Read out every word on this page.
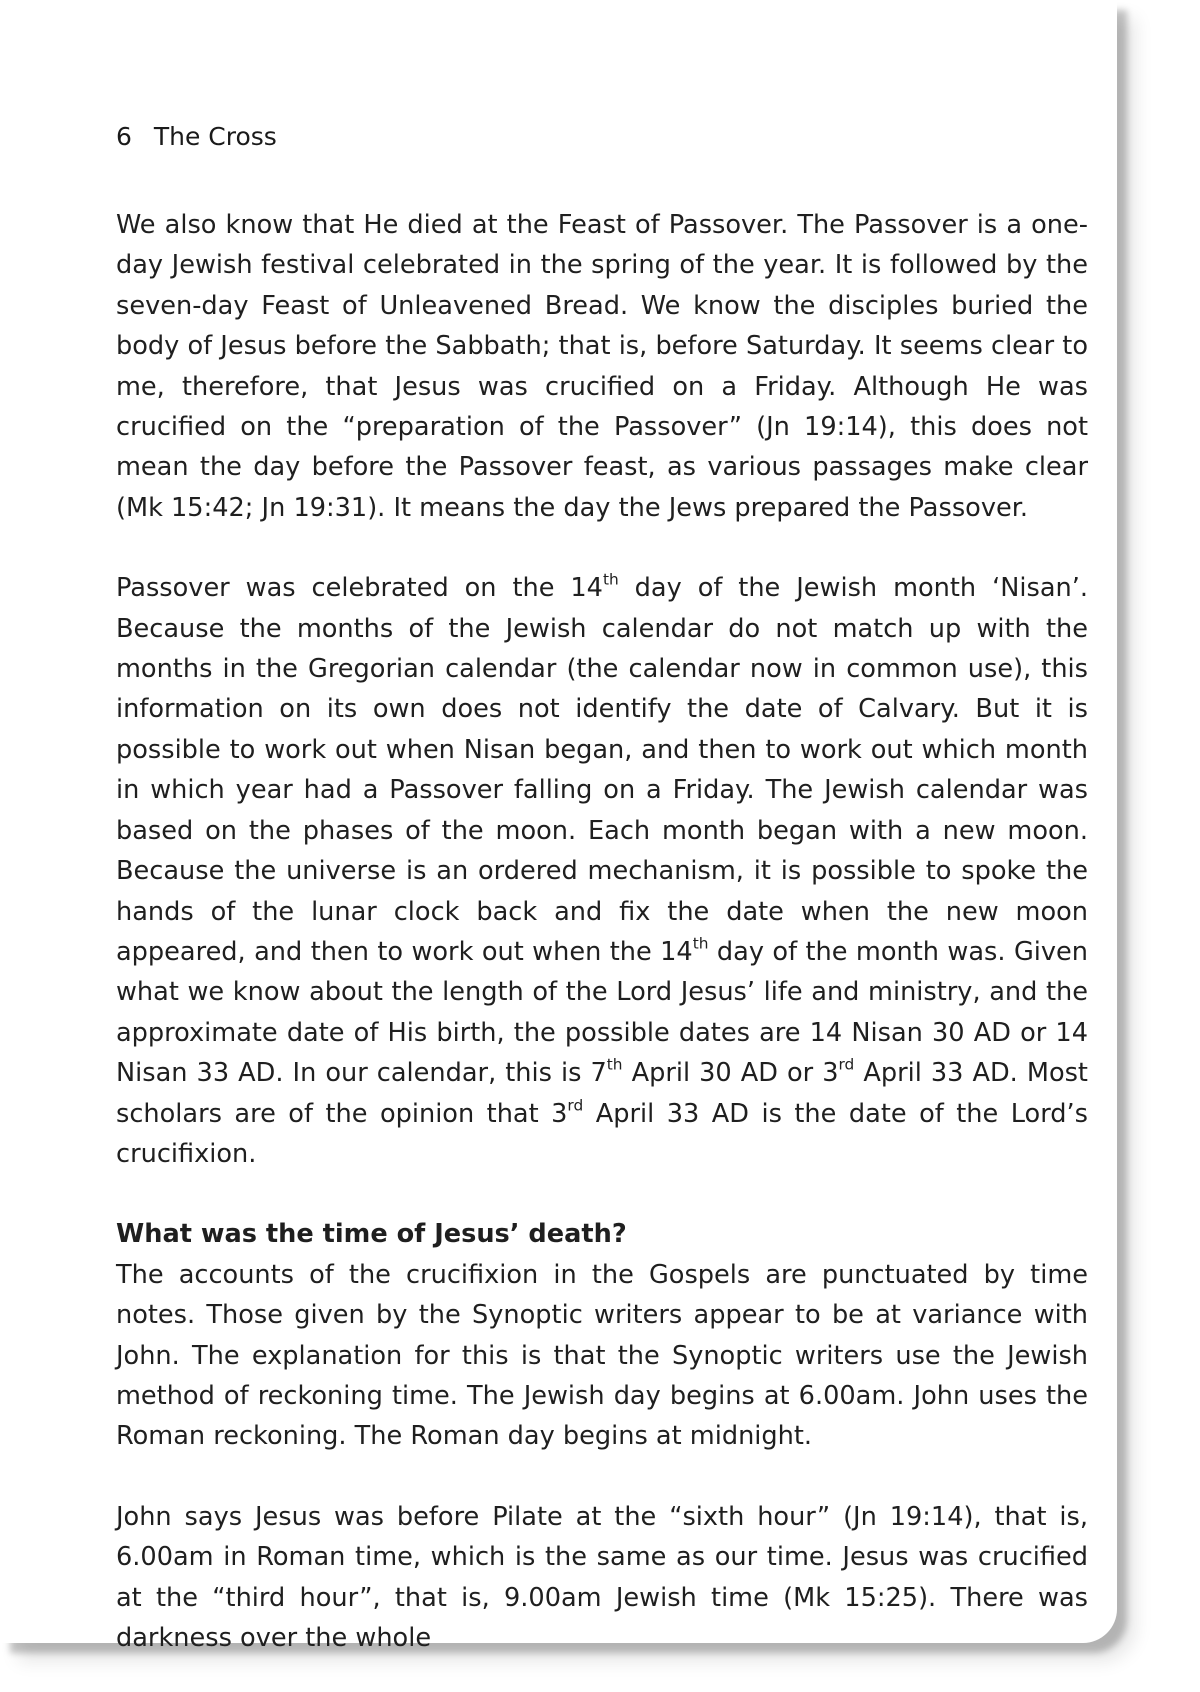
6 The Cross

We also know that He died at the Feast of Passover. The Passover is a one-day Jewish festival celebrated in the spring of the year. It is followed by the seven-day Feast of Unleavened Bread. We know the disciples buried the body of Jesus before the Sabbath; that is, before Saturday. It seems clear to me, therefore, that Jesus was crucified on a Friday. Although He was crucified on the “preparation of the Passover” (Jn 19:14), this does not mean the day before the Passover feast, as various passages make clear (Mk 15:42; Jn 19:31). It means the day the Jews prepared the Passover.

Passover was celebrated on the 14th day of the Jewish month ‘Nisan’. Because the months of the Jewish calendar do not match up with the months in the Gregorian calendar (the calendar now in common use), this information on its own does not identify the date of Calvary. But it is possible to work out when Nisan began, and then to work out which month in which year had a Passover falling on a Friday. The Jewish calendar was based on the phases of the moon. Each month began with a new moon. Because the universe is an ordered mechanism, it is possible to spoke the hands of the lunar clock back and fix the date when the new moon appeared, and then to work out when the 14th day of the month was. Given what we know about the length of the Lord Jesus’ life and ministry, and the approximate date of His birth, the possible dates are 14 Nisan 30 AD or 14 Nisan 33 AD. In our calendar, this is 7th April 30 AD or 3rd April 33 AD. Most scholars are of the opinion that 3rd April 33 AD is the date of the Lord’s crucifixion.

What was the time of Jesus’ death?

The accounts of the crucifixion in the Gospels are punctuated by time notes. Those given by the Synoptic writers appear to be at variance with John. The explanation for this is that the Synoptic writers use the Jewish method of reckoning time. The Jewish day begins at 6.00am. John uses the Roman reckoning. The Roman day begins at midnight.

John says Jesus was before Pilate at the “sixth hour” (Jn 19:14), that is, 6.00am in Roman time, which is the same as our time. Jesus was crucified at the “third hour”, that is, 9.00am Jewish time (Mk 15:25). There was darkness over the whole
